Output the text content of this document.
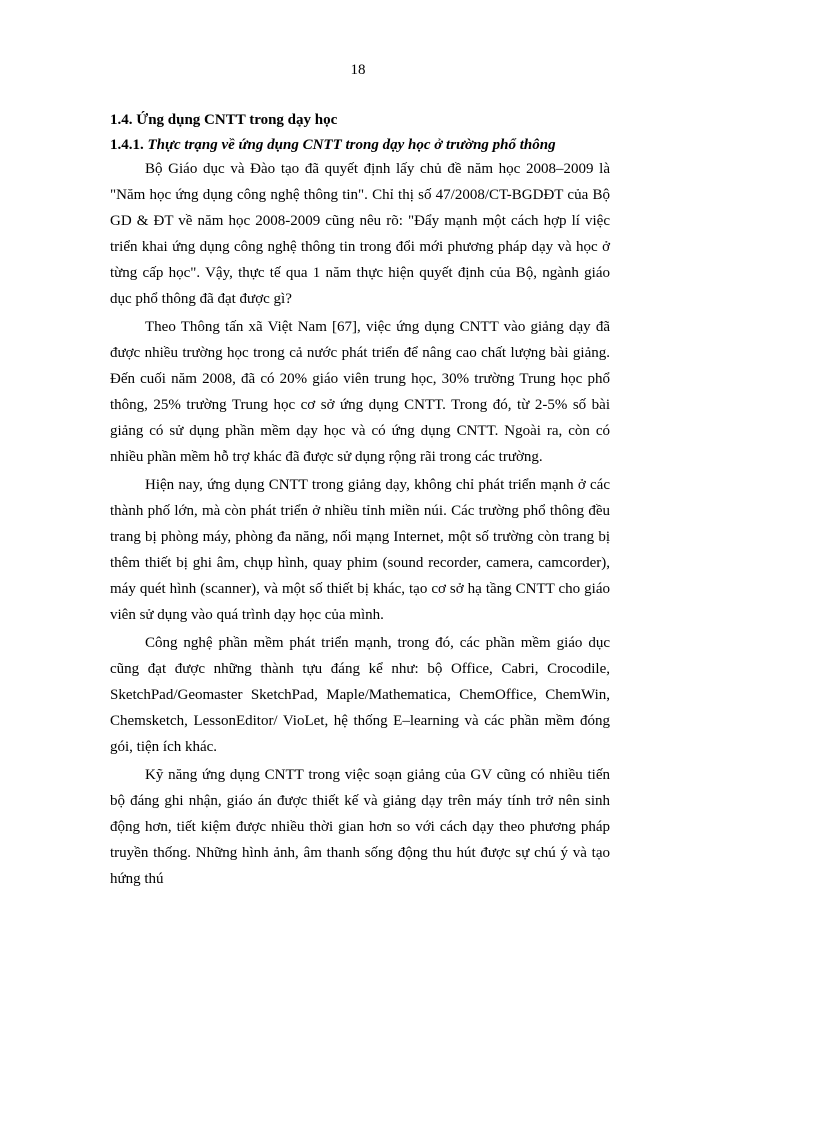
18

1.4. Ứng dụng CNTT trong dạy học

1.4.1. Thực trạng về ứng dụng CNTT trong dạy học ở trường phổ thông

Bộ Giáo dục và Đào tạo đã quyết định lấy chủ đề năm học 2008–2009 là "Năm học ứng dụng công nghệ thông tin". Chỉ thị số 47/2008/CT-BGDĐT của Bộ GD & ĐT về năm học 2008-2009 cũng nêu rõ: "Đẩy mạnh một cách hợp lí việc triển khai ứng dụng công nghệ thông tin trong đổi mới phương pháp dạy và học ở từng cấp học". Vậy, thực tế qua 1 năm thực hiện quyết định của Bộ, ngành giáo dục phổ thông đã đạt được gì?

Theo Thông tấn xã Việt Nam [67], việc ứng dụng CNTT vào giảng dạy đã được nhiều trường học trong cả nước phát triển để nâng cao chất lượng bài giảng. Đến cuối năm 2008, đã có 20% giáo viên trung học, 30% trường Trung học phổ thông, 25% trường Trung học cơ sở ứng dụng CNTT. Trong đó, từ 2-5% số bài giảng có sử dụng phần mềm dạy học và có ứng dụng CNTT. Ngoài ra, còn có nhiều phần mềm hỗ trợ khác đã được sử dụng rộng rãi trong các trường.

Hiện nay, ứng dụng CNTT trong giảng dạy, không chỉ phát triển mạnh ở các thành phố lớn, mà còn phát triển ở nhiều tỉnh miền núi. Các trường phổ thông đều trang bị phòng máy, phòng đa năng, nối mạng Internet, một số trường còn trang bị thêm thiết bị ghi âm, chụp hình, quay phim (sound recorder, camera, camcorder), máy quét hình (scanner), và một số thiết bị khác, tạo cơ sở hạ tầng CNTT cho giáo viên sử dụng vào quá trình dạy học của mình.

Công nghệ phần mềm phát triển mạnh, trong đó, các phần mềm giáo dục cũng đạt được những thành tựu đáng kể như: bộ Office, Cabri, Crocodile, SketchPad/Geomaster SketchPad, Maple/Mathematica, ChemOffice, ChemWin, Chemsketch, LessonEditor/ VioLet, hệ thống E–learning và các phần mềm đóng gói, tiện ích khác.

Kỹ năng ứng dụng CNTT trong việc soạn giảng của GV cũng có nhiều tiến bộ đáng ghi nhận, giáo án được thiết kế và giảng dạy trên máy tính trở nên sinh động hơn, tiết kiệm được nhiều thời gian hơn so với cách dạy theo phương pháp truyền thống. Những hình ảnh, âm thanh sống động thu hút được sự chú ý và tạo hứng thú
